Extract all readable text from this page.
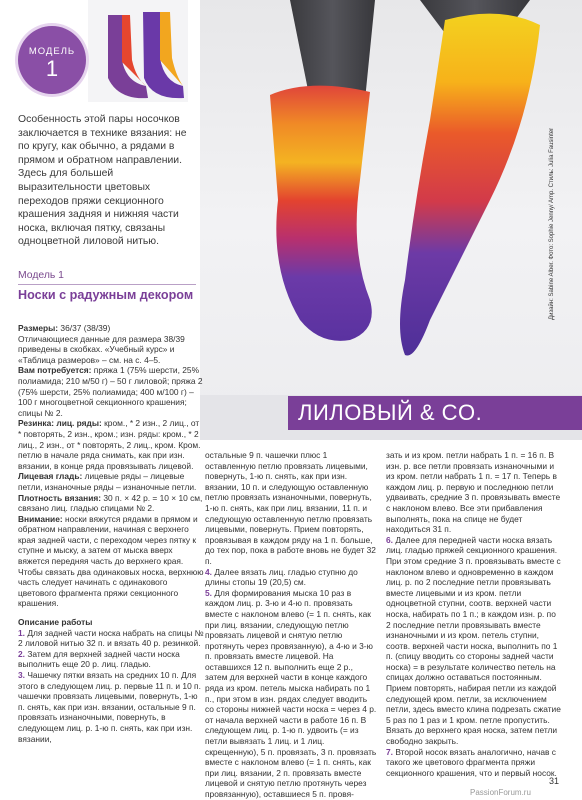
МОДЕЛЬ
1
Особенность этой пары носочков заключается в технике вязания: не по кругу, как обычно, а рядами в прямом и обратном направлении. Здесь для большей выразительности цветовых переходов пряжи секционного крашения задняя и нижняя части носка, включая пятку, связаны одноцветной лиловой нитью.
Модель 1
Носки с радужным декором

Размеры: 36/37 (38/39)

Отличающиеся данные для размера 38/39 приведены в скобках. «Учебный курс» и «Таблица размеров» – см. на с. 4–5.

Вам потребуется: пряжа 1 (75% шерсти, 25% полиамида; 210 м/50 г) – 50 г лиловой; пряжа 2 (75% шерсти, 25% полиамида; 400 м/100 г) – 100 г многоцветной секционного крашения; спицы № 2.

Резинка: лиц. ряды: кром., * 2 изн., 2 лиц., от * повторять, 2 изн., кром.; изн. ряды: кром., * 2 лиц., 2 изн., от * повторять, 2 лиц., кром. Кром. петлю в начале ряда снимать, как при изн. вязании, в конце ряда провязывать лицевой.

Лицевая гладь: лицевые ряды – лицевые петли, изнаночные ряды – изнаночные петли.

Плотность вязания: 30 п. × 42 р. = 10 × 10 см, связано лиц. гладью спицами № 2.

Внимание: носки вяжутся рядами в прямом и обратном направлении, начиная с верхнего края задней части, с переходом через пятку к ступне и мыску, а затем от мыска вверх вяжется передняя часть до верхнего края. Чтобы связать два одинаковых носка, верхнюю часть следует начинать с одинакового цветового фрагмента пряжи секционного крашения.

Описание работы

1. Для задней части носка набрать на спицы № 2 лиловой нитью 32 п. и вязать 40 р. резинкой.

2. Затем для верхней задней части носка выполнить еще 20 р. лиц. гладью.

3. Чашечку пятки вязать на средних 10 п. Для этого в следующем лиц. р. первые 11 п. и 10 п. чашечки провязать лицевыми, повернуть, 1-ю п. снять, как при изн. вязании, остальные 9 п. провязать изнаночными, повернуть, в следующем лиц. р. 1-ю п. снять, как при изн. вязании,

ЛИЛОВЫЙ & CO.
Дизайн: Sabine Alber. Фото: Sophie Jenny/ Amp. Стиль: Julia Fausinter

остальные 9 п. чашечки плюс 1 оставленную петлю провязать лицевыми, повернуть, 1-ю п. снять, как при изн. вязании, 10 п. и следующую оставленную петлю провязать изнаночными, повернуть, 1-ю п. снять, как при лиц. вязании, 11 п. и следующую оставленную петлю провязать лицевыми, повернуть. Прием повторять, провязывая в каждом ряду на 1 п. больше, до тех пор, пока в работе вновь не будет 32 п.

4. Далее вязать лиц. гладью ступню до длины стопы 19 (20,5) см.

5. Для формирования мыска 10 раз в каждом лиц. р. 3-ю и 4-ю п. провязать вместе с наклоном влево (= 1 п. снять, как при лиц. вязании, следующую петлю провязать лицевой и снятую петлю протянуть через провязанную), а 4-ю и 3-ю п. провязать вместе лицевой. На оставшихся 12 п. выполнить еще 2 р., затем для верхней части в конце каждого ряда из кром. петель мыска набирать по 1 п., при этом в изн. рядах следует вводить со стороны нижней части носка = через 4 р. от начала верхней части в работе 16 п. В следующем лиц. р. 1-ю п. удвоить (= из петли вывязать 1 лиц. и 1 лиц. скрещенную), 5 п. провязать, 3 п. провязать вместе с наклоном влево (= 1 п. снять, как при лиц. вязании, 2 п. провязать вместе лицевой и снятую петлю протянуть через провязанную), оставшиеся 5 п. провя-

зать и из кром. петли набрать 1 п. = 16 п. В изн. р. все петли провязать изнаночными и из кром. петли набрать 1 п. = 17 п. Теперь в каждом лиц. р. первую и последнюю петли удваивать, средние 3 п. провязывать вместе с наклоном влево. Все эти прибавления выполнять, пока на спице не будет находиться 31 п.

6. Далее для передней части носка вязать лиц. гладью пряжей секционного крашения. При этом средние 3 п. провязывать вместе с наклоном влево и одновременно в каждом лиц. р. по 2 последние петли провязывать вместе лицевыми и из кром. петли одноцветной ступни, соотв. верхней части носка, набирать по 1 п.; в каждом изн. р. по 2 последние петли провязывать вместе изнаночными и из кром. петель ступни, соотв. верхней части носка, выполнить по 1 п. (спицу вводить со стороны задней части носка) = в результате количество петель на спицах должно оставаться постоянным. Прием повторять, набирая петли из каждой следующей кром. петли, за исключением петли, здесь вместо клина подрезать сжатие 5 раз по 1 раз и 1 кром. петле пропустить.

Вязать до верхнего края носка, затем петли свободно закрыть.

7. Второй носок вязать аналогично, начав с такого же цветового фрагмента пряжи секционного крашения, что и первый носок.

31
PassionForum.ru
